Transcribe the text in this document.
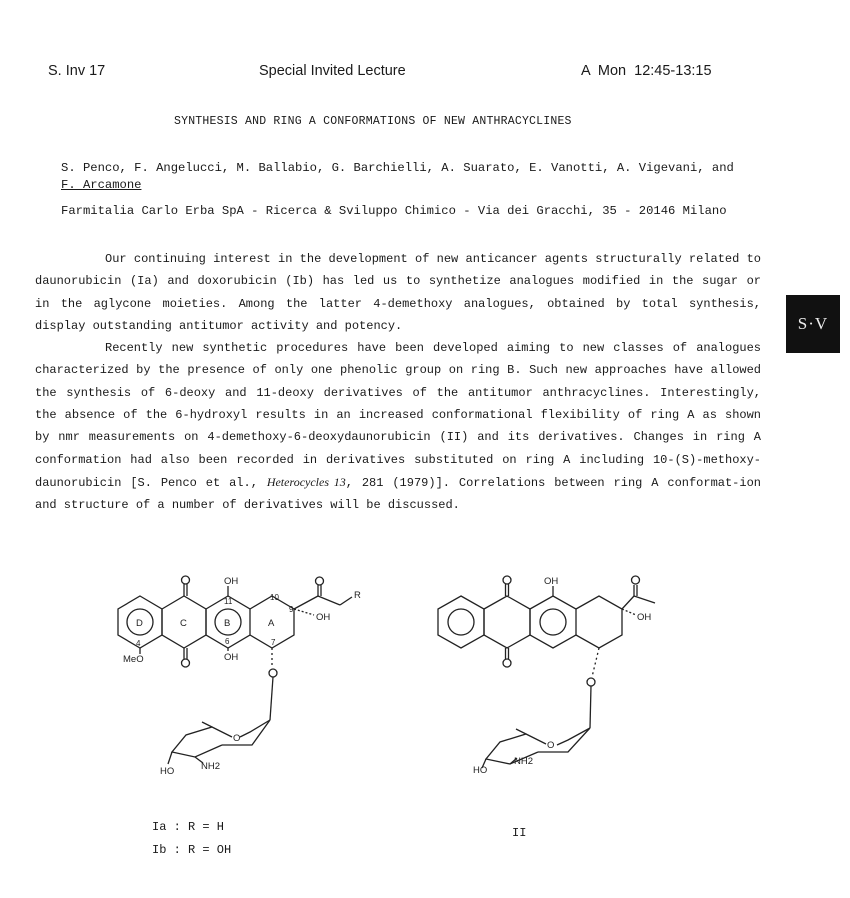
S. Inv 17	Special Invited Lecture	A Mon 12:45-13:15
SYNTHESIS AND RING A CONFORMATIONS OF NEW ANTHRACYCLINES
S. Penco, F. Angelucci, M. Ballabio, G. Barchielli, A. Suarato, E. Vanotti, A. Vigevani, and
F. Arcamone
Farmitalia Carlo Erba SpA - Ricerca & Sviluppo Chimico - Via dei Gracchi, 35 - 20146 Milano

Our continuing interest in the development of new anticancer agents structurally related to daunorubicin (Ia) and doxorubicin (Ib) has led us to synthetize analogues modified in the sugar or in the aglycone moieties. Among the latter 4-demethoxy analogues, obtained by total synthesis, display outstanding antitumor activity and potency.

Recently new synthetic procedures have been developed aiming to new classes of analogues characterized by the presence of only one phenolic group on ring B. Such new approaches have allowed the synthesis of 6-deoxy and 11-deoxy derivatives of the antitumor anthracyclines. Interestingly, the absence of the 6-hydroxyl results in an increased conformational flexibility of ring A as shown by nmr measurements on 4-demethoxy-6-deoxydaunorubicin (II) and its derivatives. Changes in ring A conformation had also been recorded in derivatives substituted on ring A including 10-(S)-methoxy-daunorubicin [S. Penco et al., Heterocycles 13, 281 (1979)]. Correlations between ring A conformat-ion and structure of a number of derivatives will be discussed.

S·V
D	C	B	A
OH
OH
OH
MeO
R
4	6	7
9
10
11
O
HO	NH2
OH
OH
O
HO
NH2
Ia : R = H
Ib : R = OH
II
